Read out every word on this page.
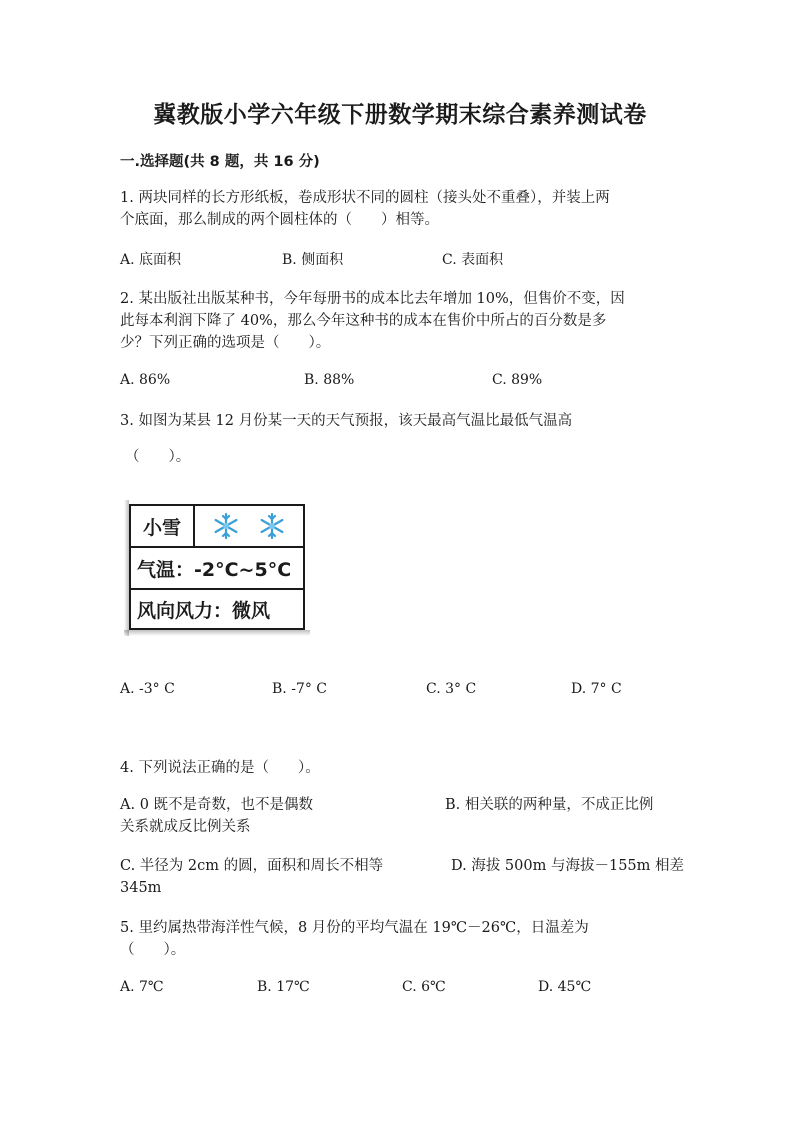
冀教版小学六年级下册数学期末综合素养测试卷
一.选择题(共 8 题，共 16 分)
1. 两块同样的长方形纸板，卷成形状不同的圆柱（接头处不重叠），并装上两
个底面，那么制成的两个圆柱体的（　　）相等。
A. 底面积	B. 侧面积	C. 表面积
2. 某出版社出版某种书，今年每册书的成本比去年增加 10%，但售价不变，因
此每本利润下降了 40%，那么今年这种书的成本在售价中所占的百分数是多
少？下列正确的选项是（　　）。
A. 86%	B. 88%	C. 89%
3. 如图为某县 12 月份某一天的天气预报，该天最高气温比最低气温高
（　　）。
小雪
气温：-2°C~5°C
风向风力：微风
A. -3° C	B. -7° C	C. 3° C	D. 7° C
4. 下列说法正确的是（　　）。
A. 0 既不是奇数，也不是偶数	B. 相关联的两种量，不成正比例
关系就成反比例关系
C. 半径为 2cm 的圆，面积和周长不相等	D. 海拔 500m 与海拔－155m 相差
345m
5. 里约属热带海洋性气候，8 月份的平均气温在 19℃－26℃，日温差为
（　　）。
A. 7℃	B. 17℃	C. 6℃	D. 45℃
